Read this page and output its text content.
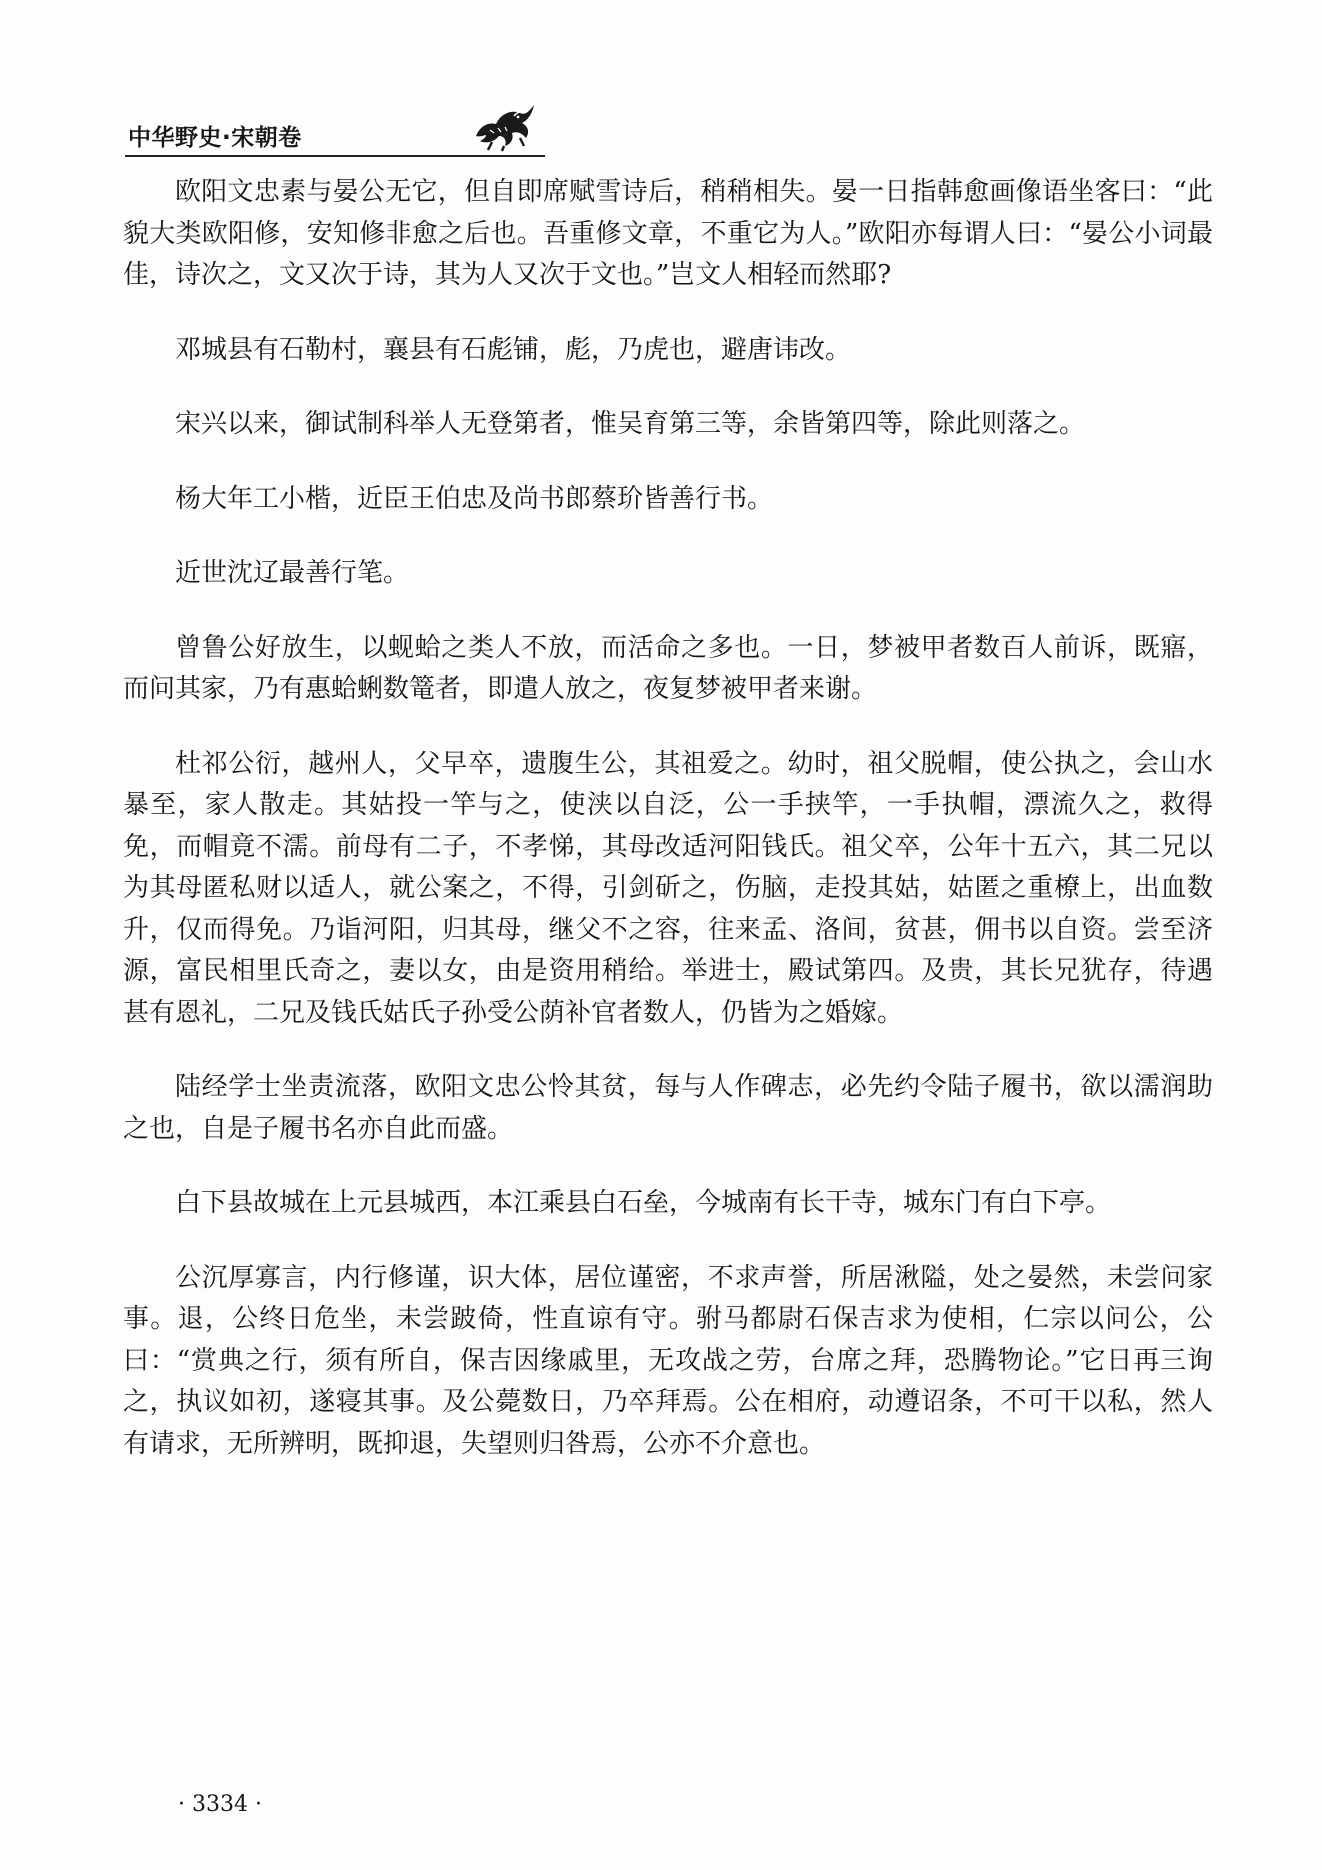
中华野史·宋朝卷

欧阳文忠素与晏公无它，但自即席赋雪诗后，稍稍相失。晏一日指韩愈画像语坐客曰：“此貌大类欧阳修，安知修非愈之后也。吾重修文章，不重它为人。”欧阳亦每谓人曰：“晏公小词最佳，诗次之，文又次于诗，其为人又次于文也。”岂文人相轻而然耶?

邓城县有石勒村，襄县有石彪铺，彪，乃虎也，避唐讳改。

宋兴以来，御试制科举人无登第者，惟吴育第三等，余皆第四等，除此则落之。

杨大年工小楷，近臣王伯忠及尚书郎蔡玠皆善行书。

近世沈辽最善行笔。

曾鲁公好放生，以蚬蛤之类人不放，而活命之多也。一日，梦被甲者数百人前诉，既寤，而问其家，乃有惠蛤蜊数篭者，即遣人放之，夜复梦被甲者来谢。

杜祁公衍，越州人，父早卒，遗腹生公，其祖爱之。幼时，祖父脱帽，使公执之，会山水暴至，家人散走。其姑投一竿与之，使浃以自泛，公一手挟竿，一手执帽，漂流久之，救得免，而帽竟不濡。前母有二子，不孝悌，其母改适河阳钱氏。祖父卒，公年十五六，其二兄以为其母匿私财以适人，就公案之，不得，引剑斫之，伤脑，走投其姑，姑匿之重橑上，出血数升，仅而得免。乃诣河阳，归其母，继父不之容，往来孟、洛间，贫甚，佣书以自资。尝至济源，富民相里氏奇之，妻以女，由是资用稍给。举进士，殿试第四。及贵，其长兄犹存，待遇甚有恩礼，二兄及钱氏姑氏子孙受公荫补官者数人，仍皆为之婚嫁。

陆经学士坐责流落，欧阳文忠公怜其贫，每与人作碑志，必先约令陆子履书，欲以濡润助之也，自是子履书名亦自此而盛。

白下县故城在上元县城西，本江乘县白石垒，今城南有长干寺，城东门有白下亭。

公沉厚寡言，内行修谨，识大体，居位谨密，不求声誉，所居湫隘，处之晏然，未尝问家事。退，公终日危坐，未尝跛倚，性直谅有守。驸马都尉石保吉求为使相，仁宗以问公，公曰：“赏典之行，须有所自，保吉因缘戚里，无攻战之劳，台席之拜，恐腾物论。”它日再三询之，执议如初，遂寝其事。及公薨数日，乃卒拜焉。公在相府，动遵诏条，不可干以私，然人有请求，无所辨明，既抑退，失望则归咎焉，公亦不介意也。

· 3334 ·
